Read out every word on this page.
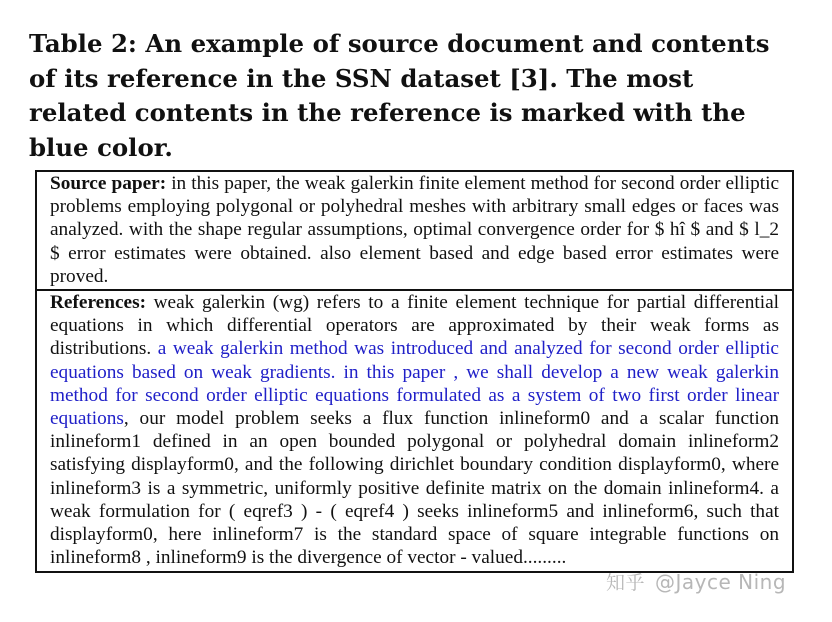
Table 2: An example of source document and contents of its reference in the SSN dataset [3]. The most related contents in the reference is marked with the blue color.
Source paper: in this paper, the weak galerkin finite element method for second order elliptic problems employing polygonal or polyhedral meshes with arbitrary small edges or faces was analyzed. with the shape regular assumptions, optimal convergence order for $ hî $ and $ l_2 $ error estimates were obtained. also element based and edge based error estimates were proved.
References: weak galerkin (wg) refers to a finite element technique for partial differential equations in which differential operators are approximated by their weak forms as distributions. a weak galerkin method was introduced and analyzed for second order elliptic equations based on weak gradients. in this paper , we shall develop a new weak galerkin method for second order elliptic equations formulated as a system of two first order linear equations, our model problem seeks a flux function inlineform0 and a scalar function inlineform1 defined in an open bounded polygonal or polyhedral domain inlineform2 satisfying displayform0, and the following dirichlet boundary condition displayform0, where inlineform3 is a symmetric, uniformly positive definite matrix on the domain inlineform4. a weak formulation for ( eqref3 ) - ( eqref4 ) seeks inlineform5 and inlineform6, such that displayform0, here inlineform7 is the standard space of square integrable functions on inlineform8 , inlineform9 is the divergence of vector - valued.........
知乎 @Jayce Ning
